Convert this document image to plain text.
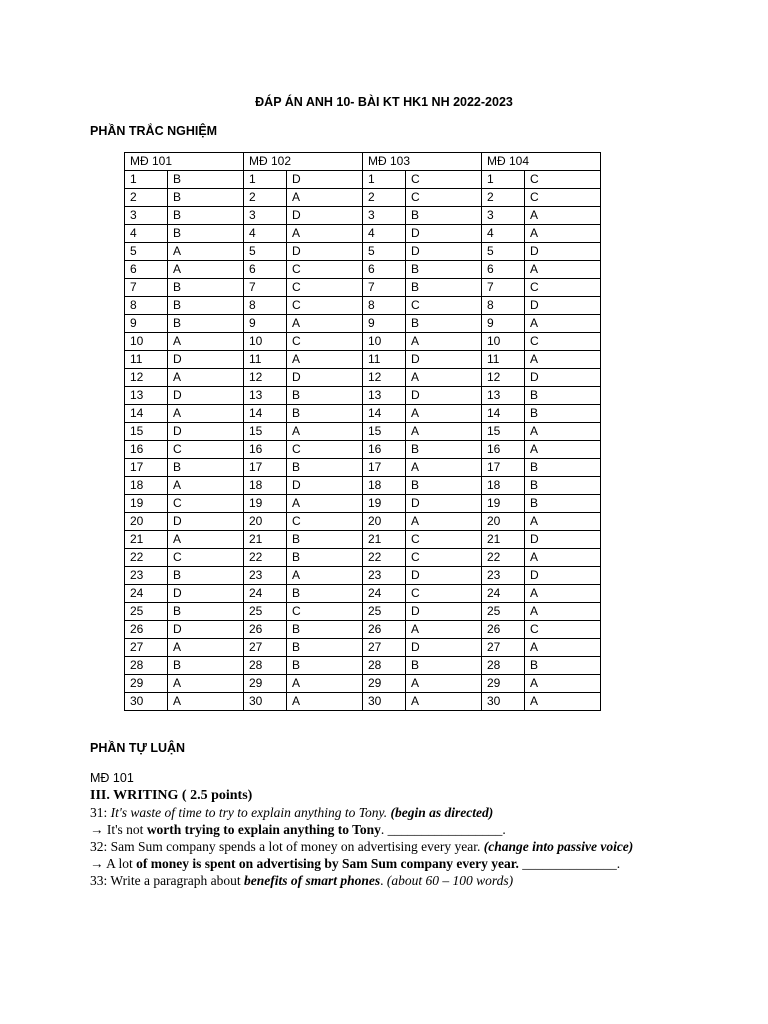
ĐÁP ÁN ANH 10- BÀI KT HK1 NH 2022-2023
PHẦN TRẮC NGHIỆM
MĐ 101		MĐ 102		MĐ 103		MĐ 104	
1	B	1	D	1	C	1	C
2	B	2	A	2	C	2	C
3	B	3	D	3	B	3	A
4	B	4	A	4	D	4	A
5	A	5	D	5	D	5	D
6	A	6	C	6	B	6	A
7	B	7	C	7	B	7	C
8	B	8	C	8	C	8	D
9	B	9	A	9	B	9	A
10	A	10	C	10	A	10	C
11	D	11	A	11	D	11	A
12	A	12	D	12	A	12	D
13	D	13	B	13	D	13	B
14	A	14	B	14	A	14	B
15	D	15	A	15	A	15	A
16	C	16	C	16	B	16	A
17	B	17	B	17	A	17	B
18	A	18	D	18	B	18	B
19	C	19	A	19	D	19	B
20	D	20	C	20	A	20	A
21	A	21	B	21	C	21	D
22	C	22	B	22	C	22	A
23	B	23	A	23	D	23	D
24	D	24	B	24	C	24	A
25	B	25	C	25	D	25	A
26	D	26	B	26	A	26	C
27	A	27	B	27	D	27	A
28	B	28	B	28	B	28	B
29	A	29	A	29	A	29	A
30	A	30	A	30	A	30	A
PHẦN TỰ LUẬN
MĐ 101
III. WRITING ( 2.5 points)
31: It's waste of time to try to explain anything to Tony. (begin as directed)
→ It's not worth trying to explain anything to Tony. _________________.
32: Sam Sum company spends a lot of money on advertising every year. (change into passive voice)
→ A lot of money is spent on advertising by Sam Sum company every year. ______________.
33: Write a paragraph about benefits of smart phones. (about 60 – 100 words)
